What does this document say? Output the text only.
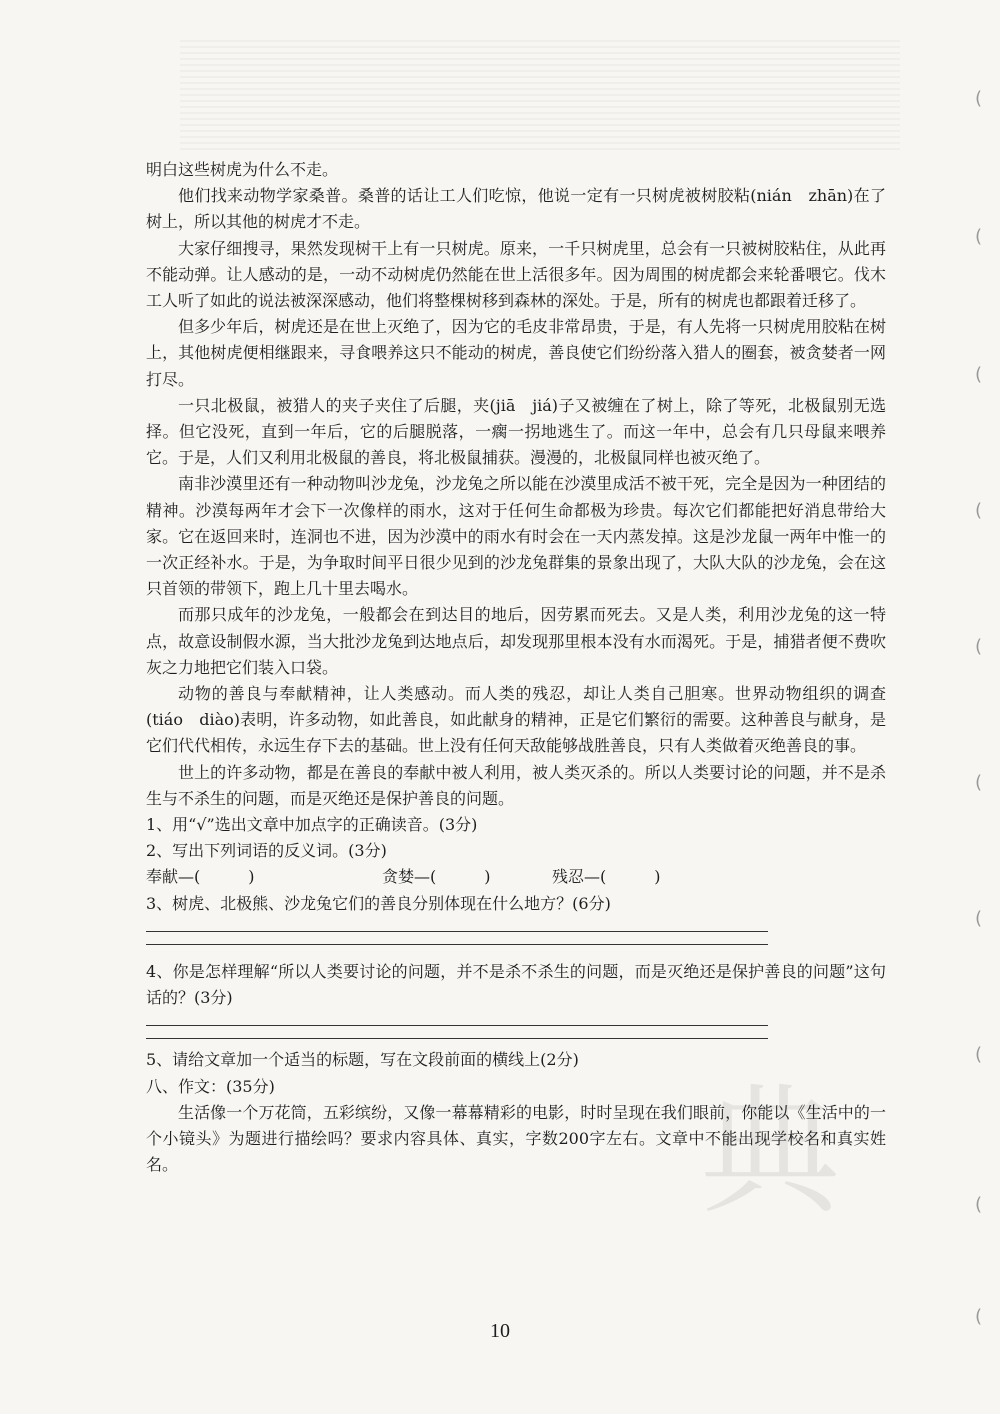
典
(
(
(
(
(
(
(
(
(
(

明白这些树虎为什么不走。

他们找来动物学家桑普。桑普的话让工人们吃惊，他说一定有一只树虎被树胶粘(nián　zhān)在了树上，所以其他的树虎才不走。

大家仔细搜寻，果然发现树干上有一只树虎。原来，一千只树虎里，总会有一只被树胶粘住，从此再不能动弹。让人感动的是，一动不动树虎仍然能在世上活很多年。因为周围的树虎都会来轮番喂它。伐木工人听了如此的说法被深深感动，他们将整棵树移到森林的深处。于是，所有的树虎也都跟着迁移了。

但多少年后，树虎还是在世上灭绝了，因为它的毛皮非常昂贵，于是，有人先将一只树虎用胶粘在树上，其他树虎便相继跟来，寻食喂养这只不能动的树虎，善良使它们纷纷落入猎人的圈套，被贪婪者一网打尽。

一只北极鼠，被猎人的夹子夹住了后腿，夹(jiā　jiá)子又被缠在了树上，除了等死，北极鼠别无选择。但它没死，直到一年后，它的后腿脱落，一瘸一拐地逃生了。而这一年中，总会有几只母鼠来喂养它。于是，人们又利用北极鼠的善良，将北极鼠捕获。漫漫的，北极鼠同样也被灭绝了。

南非沙漠里还有一种动物叫沙龙兔，沙龙兔之所以能在沙漠里成活不被干死，完全是因为一种团结的精神。沙漠每两年才会下一次像样的雨水，这对于任何生命都极为珍贵。每次它们都能把好消息带给大家。它在返回来时，连洞也不进，因为沙漠中的雨水有时会在一天内蒸发掉。这是沙龙鼠一两年中惟一的一次正经补水。于是，为争取时间平日很少见到的沙龙兔群集的景象出现了，大队大队的沙龙兔，会在这只首领的带领下，跑上几十里去喝水。

而那只成年的沙龙兔，一般都会在到达目的地后，因劳累而死去。又是人类，利用沙龙兔的这一特点，故意设制假水源，当大批沙龙兔到达地点后，却发现那里根本没有水而渴死。于是，捕猎者便不费吹灰之力地把它们装入口袋。

动物的善良与奉献精神，让人类感动。而人类的残忍，却让人类自己胆寒。世界动物组织的调查(tiáo　diào)表明，许多动物，如此善良，如此献身的精神，正是它们繁衍的需要。这种善良与献身，是它们代代相传，永远生存下去的基础。世上没有任何天敌能够战胜善良，只有人类做着灭绝善良的事。

世上的许多动物，都是在善良的奉献中被人利用，被人类灭杀的。所以人类要讨论的问题，并不是杀生与不杀生的问题，而是灭绝还是保护善良的问题。

1、用“√”选出文章中加点字的正确读音。(3分)

2、写出下列词语的反义词。(3分)

奉献—(　　　)	贪婪—(　　　)	残忍—(　　　)

3、树虎、北极熊、沙龙兔它们的善良分别体现在什么地方？(6分)

4、你是怎样理解“所以人类要讨论的问题，并不是杀不杀生的问题，而是灭绝还是保护善良的问题”这句话的？(3分)

5、请给文章加一个适当的标题，写在文段前面的横线上(2分)

八、作文：(35分)

生活像一个万花筒，五彩缤纷，又像一幕幕精彩的电影，时时呈现在我们眼前，你能以《生活中的一个小镜头》为题进行描绘吗？要求内容具体、真实，字数200字左右。文章中不能出现学校名和真实姓名。

10
